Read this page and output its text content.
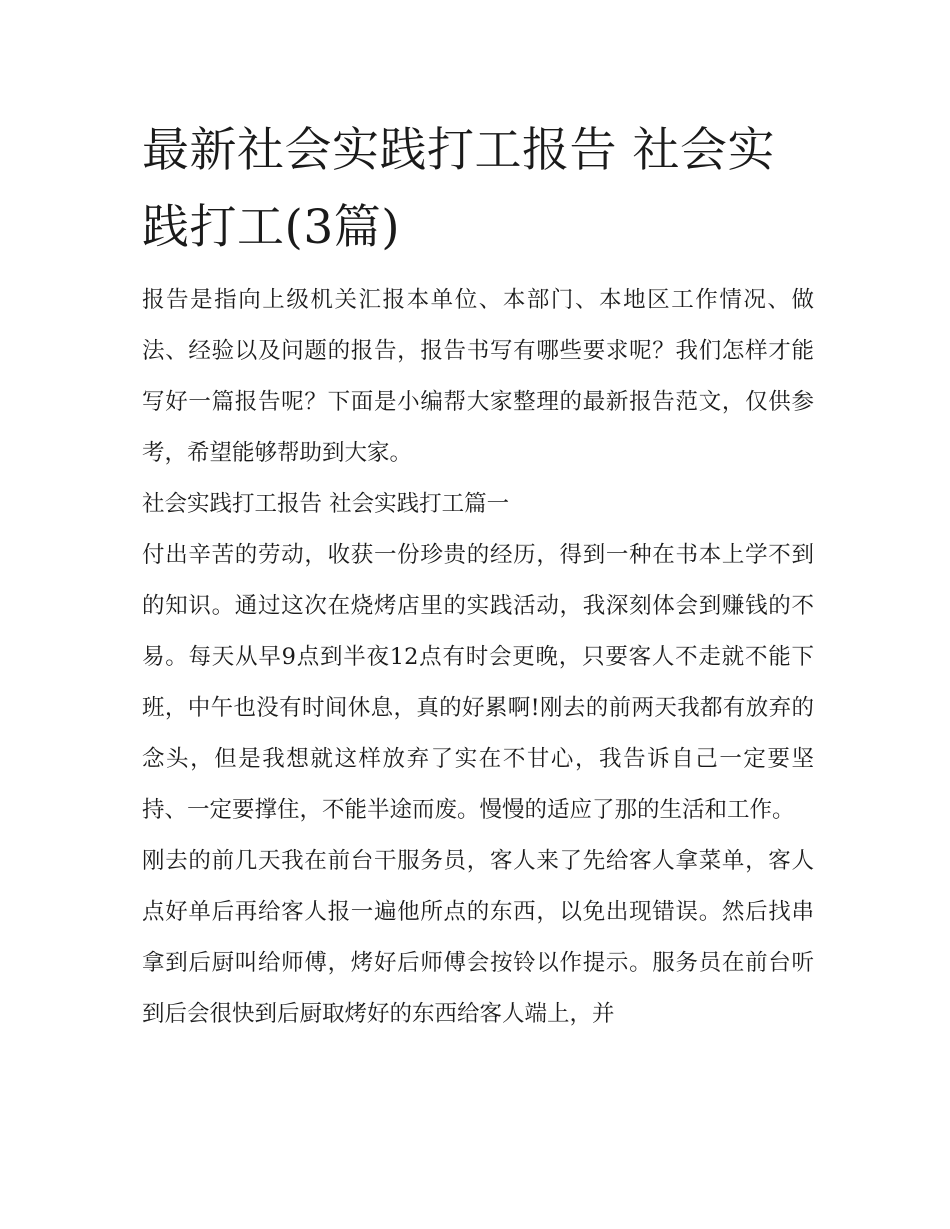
最新社会实践打工报告 社会实践打工(3篇)

报告是指向上级机关汇报本单位、本部门、本地区工作情况、做法、经验以及问题的报告，报告书写有哪些要求呢？我们怎样才能写好一篇报告呢？下面是小编帮大家整理的最新报告范文，仅供参考，希望能够帮助到大家。

社会实践打工报告 社会实践打工篇一

付出辛苦的劳动，收获一份珍贵的经历，得到一种在书本上学不到的知识。通过这次在烧烤店里的实践活动，我深刻体会到赚钱的不易。每天从早9点到半夜12点有时会更晚，只要客人不走就不能下班，中午也没有时间休息，真的好累啊!刚去的前两天我都有放弃的念头，但是我想就这样放弃了实在不甘心，我告诉自己一定要坚持、一定要撑住，不能半途而废。慢慢的适应了那的生活和工作。

刚去的前几天我在前台干服务员，客人来了先给客人拿菜单，客人点好单后再给客人报一遍他所点的东西，以免出现错误。然后找串拿到后厨叫给师傅，烤好后师傅会按铃以作提示。服务员在前台听到后会很快到后厨取烤好的东西给客人端上，并
